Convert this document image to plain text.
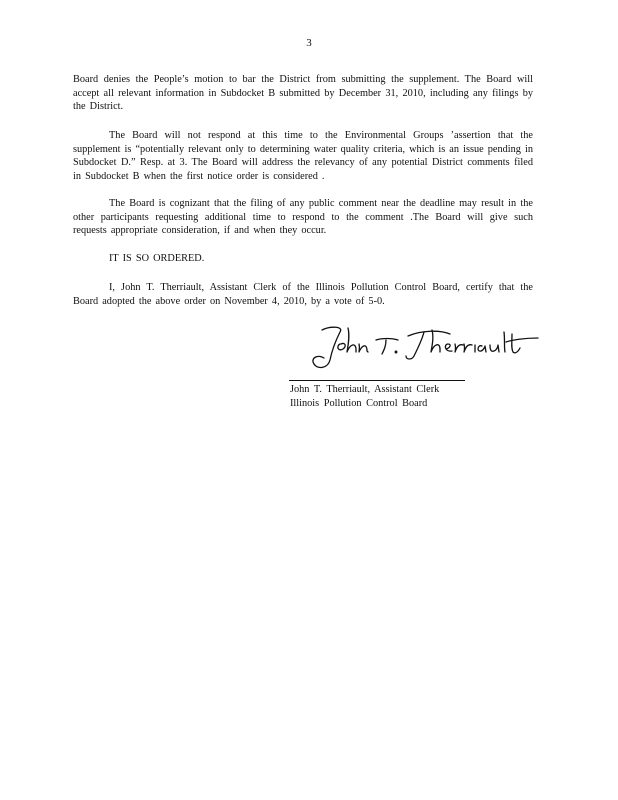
3

Board denies the People’s motion to bar the District from submitting the supplement. The Board will accept all relevant information in Subdocket B submitted by December 31, 2010, including any filings by the District.

The Board will not respond at this time to the Environmental Groups ’assertion that the supplement is “potentially relevant only to determining water quality criteria, which is an issue pending in Subdocket D.” Resp. at 3. The Board will address the relevancy of any potential District comments filed in Subdocket B when the first notice order is considered .

The Board is cognizant that the filing of any public comment near the deadline may result in the other participants requesting additional time to respond to the comment .The Board will give such requests appropriate consideration, if and when they occur.

IT IS SO ORDERED.

I, John T. Therriault, Assistant Clerk of the Illinois Pollution Control Board, certify that the Board adopted the above order on November 4, 2010, by a vote of 5-0.

John T. Therriault, Assistant Clerk
Illinois Pollution Control Board
